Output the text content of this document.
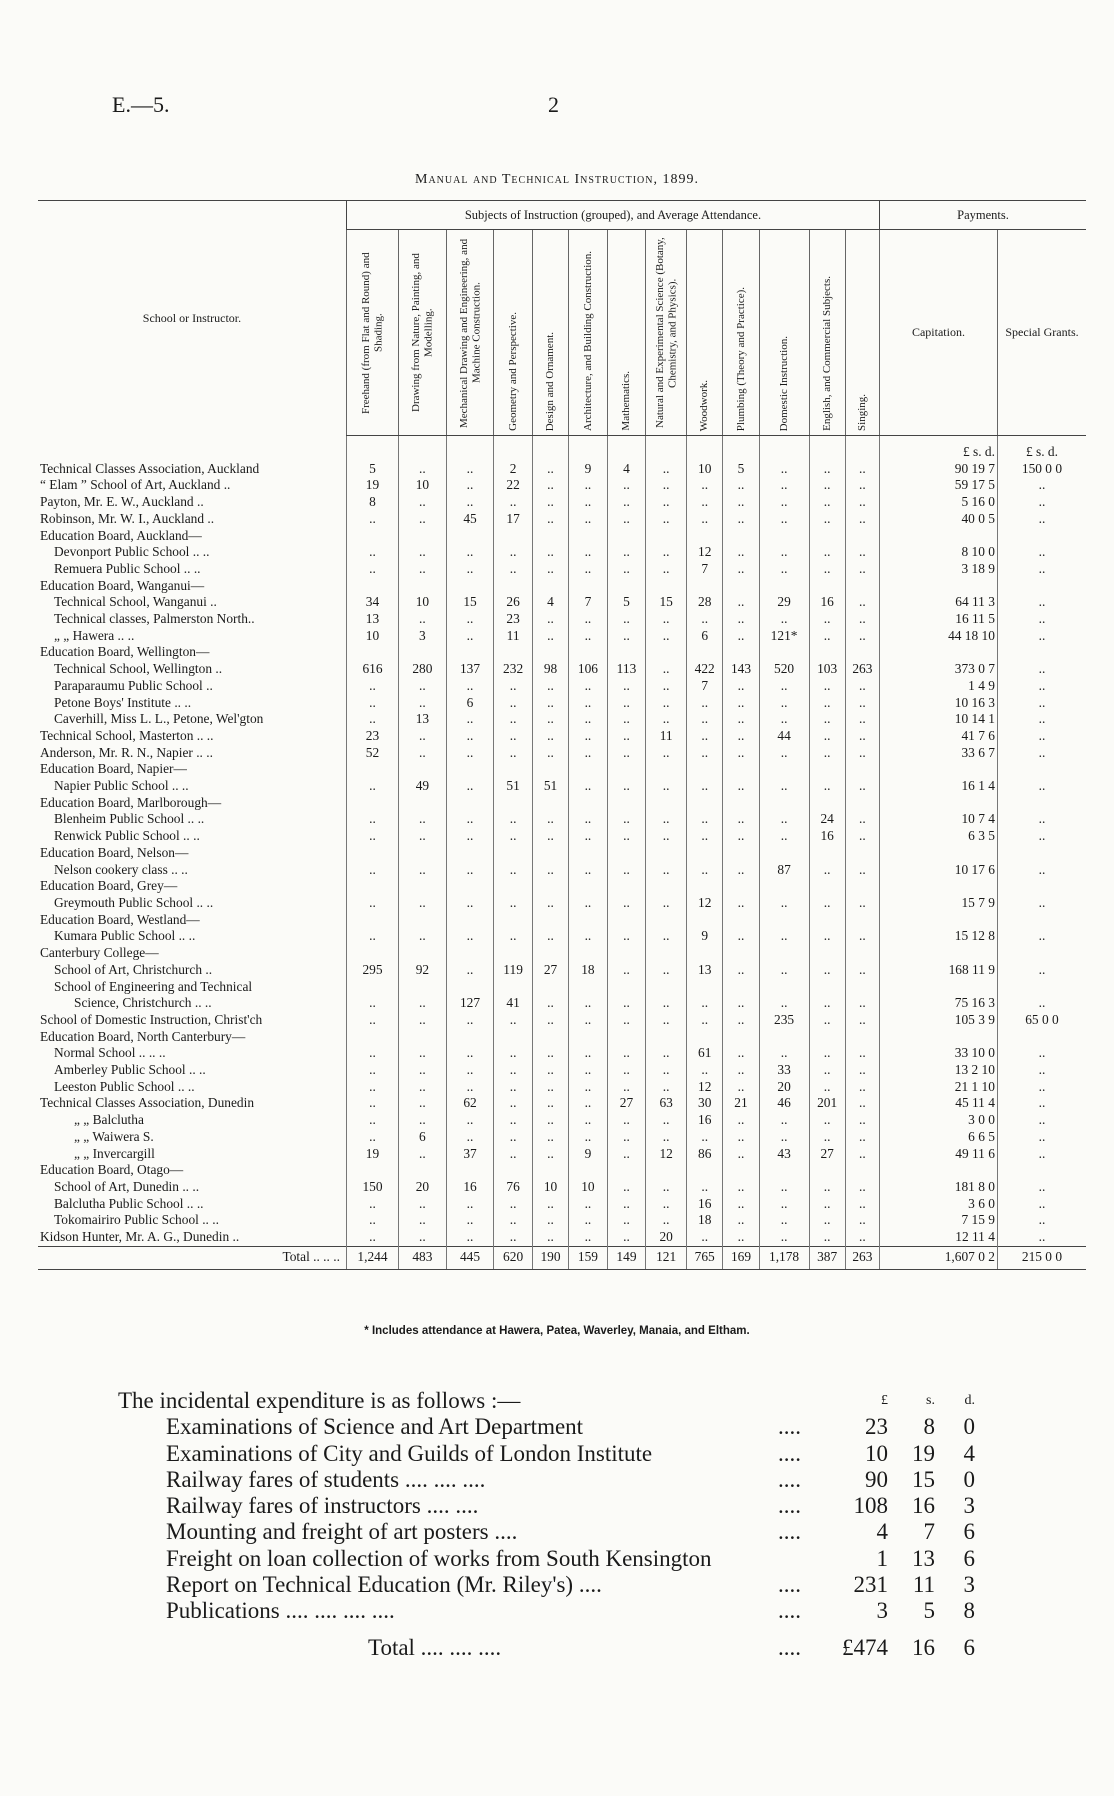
E.—5.	2
Manual and Technical Instruction, 1899.
School or Instructor.	Subjects of Instruction (grouped), and Average Attendance.													Payments.	

	Freehand (from Flat and Round) and Shading.	Drawing from Nature, Painting, and Modelling.	Mechanical Drawing and Engineering, and Machine Construction.	Geometry and Perspective.	Design and Ornament.	Architecture, and Building Construction.	Mathematics.	Natural and Experimental Science (Botany, Chemistry, and Physics).	Woodwork.	Plumbing (Theory and Practice).	Domestic Instruction.	English, and Commercial Subjects.	Singing.	Capitation.	Special Grants.
														£ s. d.	£ s. d.
Technical Classes Association, Auckland	5	..	..	2	..	9	4	..	10	5	..	..	..	90 19 7	150 0 0
“ Elam ” School of Art, Auckland ..	19	10	..	22	..	..	..	..	..	..	..	..	..	59 17 5	..
Payton, Mr. E. W., Auckland ..	8	..	..	..	..	..	..	..	..	..	..	..	..	5 16 0	..
Robinson, Mr. W. I., Auckland ..	..	..	45	17	..	..	..	..	..	..	..	..	..	40 0 5	..
Education Board, Auckland—															
Devonport Public School .. ..	..	..	..	..	..	..	..	..	12	..	..	..	..	8 10 0	..
Remuera Public School .. ..	..	..	..	..	..	..	..	..	7	..	..	..	..	3 18 9	..
Education Board, Wanganui—															
Technical School, Wanganui ..	34	10	15	26	4	7	5	15	28	..	29	16	..	64 11 3	..
Technical classes, Palmerston North..	13	..	..	23	..	..	..	..	..	..	..	..	..	16 11 5	..
„ „ Hawera .. ..	10	3	..	11	..	..	..	..	6	..	121*	..	..	44 18 10	..
Education Board, Wellington—															
Technical School, Wellington ..	616	280	137	232	98	106	113	..	422	143	520	103	263	373 0 7	..
Paraparaumu Public School ..	..	..	..	..	..	..	..	..	7	..	..	..	..	1 4 9	..
Petone Boys' Institute .. ..	..	..	6	..	..	..	..	..	..	..	..	..	..	10 16 3	..
Caverhill, Miss L. L., Petone, Wel'gton	..	13	..	..	..	..	..	..	..	..	..	..	..	10 14 1	..
Technical School, Masterton .. ..	23	..	..	..	..	..	..	11	..	..	44	..	..	41 7 6	..
Anderson, Mr. R. N., Napier .. ..	52	..	..	..	..	..	..	..	..	..	..	..	..	33 6 7	..
Education Board, Napier—															
Napier Public School .. ..	..	49	..	51	51	..	..	..	..	..	..	..	..	16 1 4	..
Education Board, Marlborough—															
Blenheim Public School .. ..	..	..	..	..	..	..	..	..	..	..	..	24	..	10 7 4	..
Renwick Public School .. ..	..	..	..	..	..	..	..	..	..	..	..	16	..	6 3 5	..
Education Board, Nelson—															
Nelson cookery class .. ..	..	..	..	..	..	..	..	..	..	..	87	..	..	10 17 6	..
Education Board, Grey—															
Greymouth Public School .. ..	..	..	..	..	..	..	..	..	12	..	..	..	..	15 7 9	..
Education Board, Westland—															
Kumara Public School .. ..	..	..	..	..	..	..	..	..	9	..	..	..	..	15 12 8	..
Canterbury College—															
School of Art, Christchurch ..	295	92	..	119	27	18	..	..	13	..	..	..	..	168 11 9	..
School of Engineering and Technical															
Science, Christchurch .. ..	..	..	127	41	..	..	..	..	..	..	..	..	..	75 16 3	..
School of Domestic Instruction, Christ'ch	..	..	..	..	..	..	..	..	..	..	235	..	..	105 3 9	65 0 0
Education Board, North Canterbury—															
Normal School .. .. ..	..	..	..	..	..	..	..	..	61	..	..	..	..	33 10 0	..
Amberley Public School .. ..	..	..	..	..	..	..	..	..	..	..	33	..	..	13 2 10	..
Leeston Public School .. ..	..	..	..	..	..	..	..	..	12	..	20	..	..	21 1 10	..
Technical Classes Association, Dunedin	..	..	62	..	..	..	27	63	30	21	46	201	..	45 11 4	..
„ „ Balclutha	..	..	..	..	..	..	..	..	16	..	..	..	..	3 0 0	..
„ „ Waiwera S.	..	6	..	..	..	..	..	..	..	..	..	..	..	6 6 5	..
„ „ Invercargill	19	..	37	..	..	9	..	12	86	..	43	27	..	49 11 6	..
Education Board, Otago—															
School of Art, Dunedin .. ..	150	20	16	76	10	10	..	..	..	..	..	..	..	181 8 0	..
Balclutha Public School .. ..	..	..	..	..	..	..	..	..	16	..	..	..	..	3 6 0	..
Tokomairiro Public School .. ..	..	..	..	..	..	..	..	..	18	..	..	..	..	7 15 9	..
Kidson Hunter, Mr. A. G., Dunedin ..	..	..	..	..	..	..	..	20	..	..	..	..	..	12 11 4	..
Total .. .. ..	1,244	483	445	620	190	159	149	121	765	169	1,178	387	263	1,607 0 2	215 0 0
* Includes attendance at Hawera, Patea, Waverley, Manaia, and Eltham.
The incidental expenditure is as follows :—	£	s.	d.
Examinations of Science and Art Department	....	23	8	0
Examinations of City and Guilds of London Institute	....	10	19	4
Railway fares of students .... .... ....	....	90	15	0
Railway fares of instructors .... ....	....	108	16	3
Mounting and freight of art posters ....	....	4	7	6
Freight on loan collection of works from South Kensington	1	13	6
Report on Technical Education (Mr. Riley's) ....	....	231	11	3
Publications .... .... .... ....	....	3	5	8
Total .... .... ....	.... £474	16	6
